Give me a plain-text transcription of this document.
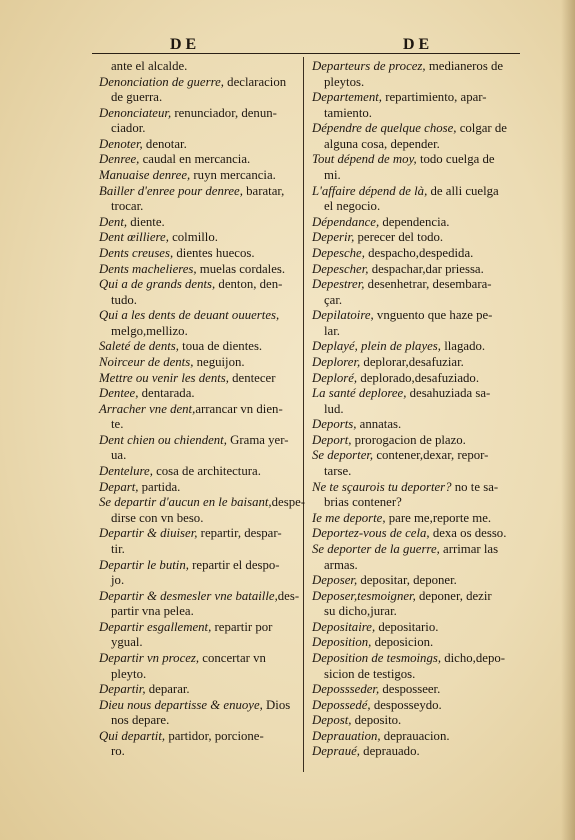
DE	DE
ante el alcalde.
Denonciation de guerre, declaracion
de guerra.
Denonciateur, renunciador, denun-
ciador.
Denoter, denotar.
Denree, caudal en mercancia.
Manuaise denree, ruyn mercancia.
Bailler d'enree pour denree, baratar,
trocar.
Dent, diente.
Dent œilliere, colmillo.
Dents creuses, dientes huecos.
Dents machelieres, muelas cordales.
Qui a de grands dents, denton, den-
tudo.
Qui a les dents de deuant ouuertes,
melgo,mellizo.
Saleté de dents, toua de dientes.
Noirceur de dents, neguijon.
Mettre ou venir les dents, dentecer
Dentee, dentarada.
Arracher vne dent,arrancar vn dien-
te.
Dent chien ou chiendent, Grama yer-
ua.
Dentelure, cosa de architectura.
Depart, partida.
Se departir d'aucun en le baisant,despe-
dirse con vn beso.
Departir & diuiser, repartir, despar-
tir.
Departir le butin, repartir el despo-
jo.
Departir & desmesler vne bataille,des-
partir vna pelea.
Departir esgallement, repartir por
ygual.
Departir vn procez, concertar vn
pleyto.
Departir, deparar.
Dieu nous departisse & enuoye, Dios
nos depare.
Qui departit, partidor, porcione-
ro.
Departeurs de procez, medianeros de
pleytos.
Departement, repartimiento, apar-
tamiento.
Dépendre de quelque chose, colgar de
alguna cosa, depender.
Tout dépend de moy, todo cuelga de
mi.
L'affaire dépend de là, de alli cuelga
el negocio.
Dépendance, dependencia.
Deperir, perecer del todo.
Depesche, despacho,despedida.
Depescher, despachar,dar priessa.
Depestrer, desenhetrar, desembara-
çar.
Depilatoire, vnguento que haze pe-
lar.
Deplayé, plein de playes, llagado.
Deplorer, deplorar,desafuziar.
Deploré, deplorado,desafuziado.
La santé deploree, desahuziada sa-
lud.
Deports, annatas.
Deport, prorogacion de plazo.
Se deporter, contener,dexar, repor-
tarse.
Ne te sçaurois tu deporter? no te sa-
brias contener?
Ie me deporte, pare me,reporte me.
Deportez-vous de cela, dexa os desso.
Se deporter de la guerre, arrimar las
armas.
Deposer, depositar, deponer.
Deposer,tesmoigner, deponer, dezir
su dicho,jurar.
Depositaire, depositario.
Deposition, deposicion.
Deposition de tesmoings, dicho,depo-
sicion de testigos.
Depossseder, desposseer.
Depossedé, desposseydo.
Depost, deposito.
Deprauation, deprauacion.
Depraué, deprauado.
